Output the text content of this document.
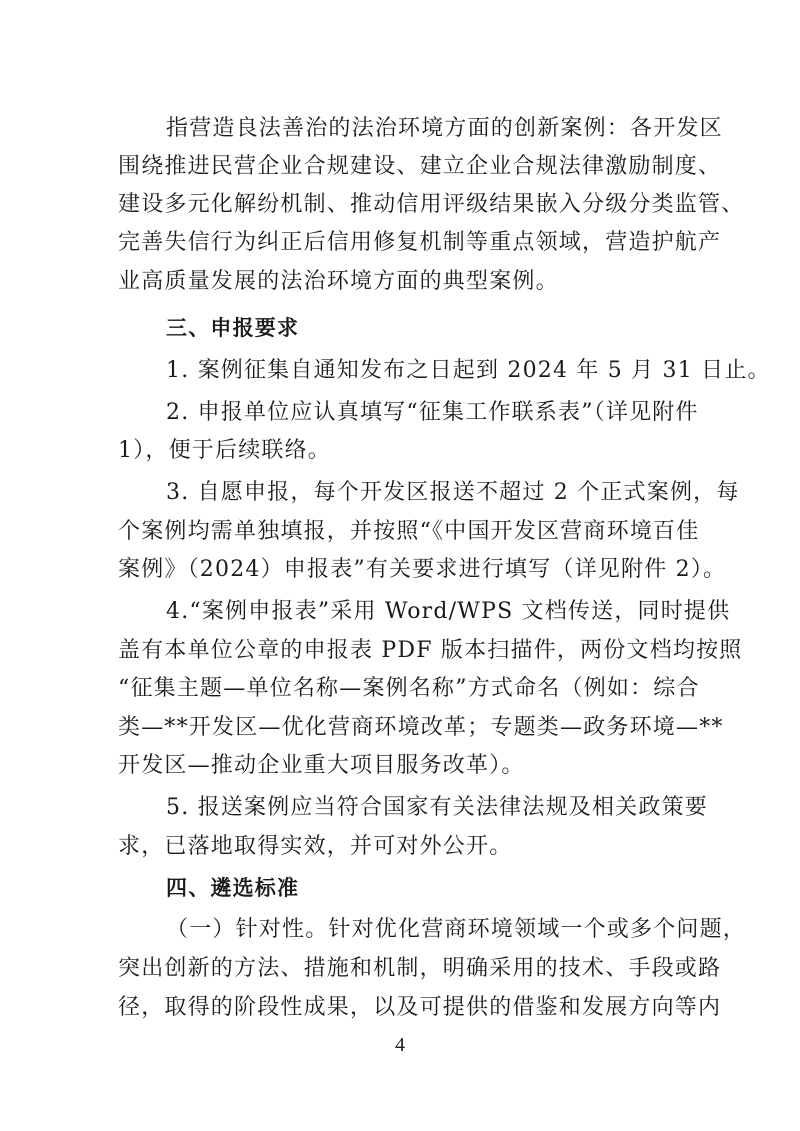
指营造良法善治的法治环境方面的创新案例：各开发区
围绕推进民营企业合规建设、建立企业合规法律激励制度、
建设多元化解纷机制、推动信用评级结果嵌入分级分类监管、
完善失信行为纠正后信用修复机制等重点领域，营造护航产
业高质量发展的法治环境方面的典型案例。
三、申报要求
1. 案例征集自通知发布之日起到 2024 年 5 月 31 日止。
2. 申报单位应认真填写“征集工作联系表”（详见附件
1），便于后续联络。
3. 自愿申报，每个开发区报送不超过 2 个正式案例，每
个案例均需单独填报，并按照“《中国开发区营商环境百佳
案例》（2024）申报表”有关要求进行填写（详见附件 2）。
4.“案例申报表”采用 Word/WPS 文档传送，同时提供
盖有本单位公章的申报表 PDF 版本扫描件，两份文档均按照
“征集主题—单位名称—案例名称”方式命名（例如：综合
类—**开发区—优化营商环境改革；专题类—政务环境—**
开发区—推动企业重大项目服务改革）。
5. 报送案例应当符合国家有关法律法规及相关政策要
求，已落地取得实效，并可对外公开。
四、遴选标准
（一）针对性。针对优化营商环境领域一个或多个问题，
突出创新的方法、措施和机制，明确采用的技术、手段或路
径，取得的阶段性成果，以及可提供的借鉴和发展方向等内
4
